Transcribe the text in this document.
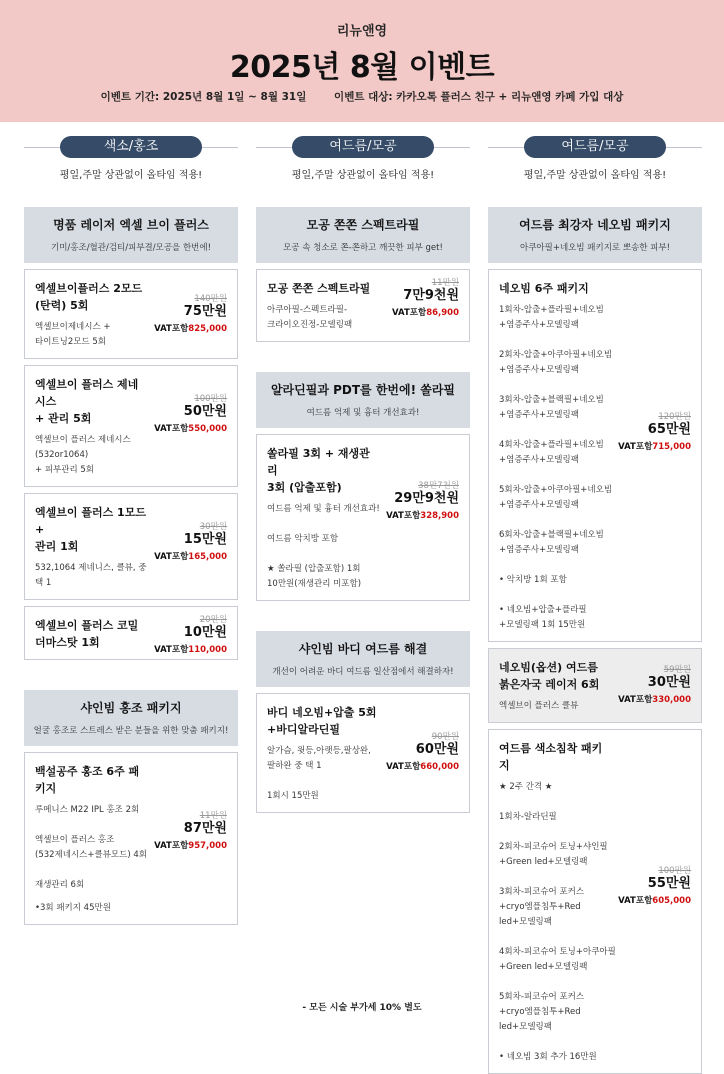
리뉴앤영
2025년 8월 이벤트
이벤트 기간: 2025년 8월 1일 ~ 8월 31일	이벤트 대상: 카카오톡 플러스 친구 + 리뉴앤영 카페 가입 대상
색소/홍조
평일,주말 상관없이 올타임 적용!
명품 레이저 엑셀 브이 플러스
기미/홍조/혈관/검티/피부결/모공을 한번에!
엑셀브이플러스 2모드
(탄력) 5회
엑셀브이제네시스 +
타이트닝2모드 5회
140만원
75만원
VAT포함825,000
엑셀브이 플러스 제네시스
+ 관리 5회
엑셀브이 플러스 제네시스
(532or1064)
+ 피부관리 5회
100만원
50만원
VAT포함550,000
엑셀브이 플러스 1모드 +
관리 1회
532,1064 제네니스, 클뷰, 중
택 1
30만원
15만원
VAT포함165,000
엑셀브이 플러스 코밀
더마스탓 1회
20만원
10만원
VAT포함110,000
샤인빔 홍조 패키지
얼굴 홍조로 스트레스 받은 분들을 위한 맞춤 패키지!
백설공주 홍조 6주 패키지
루메니스 M22 IPL 홍조 2회

엑셀브이 플러스 홍조
(532제네시스+클뷰모드) 4회

재생관리 6회
•3회 패키지 45만원
11만원
87만원
VAT포함957,000
여드름/모공
평일,주말 상관없이 올타임 적용!
모공 쫀쫀 스펙트라필
모공 속 청소로 쫀-쫀하고 깨끗한 피부 get!
모공 쫀쫀 스펙트라필
아쿠아필-스펙트라필-
크라이오진정-모델링팩
11만원
7만9천원
VAT포함86,900
알라딘필과 PDT를 한번에! 쏠라필
여드름 억제 및 흉터 개선효과!
쏠라필 3회 + 재생관리
3회 (압출포함)
여드름 억제 및 흉터 개선효과!

여드름 악치방 포함

★ 쏠라필 (압출포함) 1회
10만원(재생관리 미포함)
38만7천원
29만9천원
VAT포함328,900
샤인빔 바디 여드름 해결
개선이 어려운 바디 여드름 일산점에서 해결하자!
바디 네오빔+압출 5회
+바디알라딘필
알가슴, 윗등,아랫등,팔상완,
팔하완 중 택 1

1회시 15만원
90만원
60만원
VAT포함660,000
여드름/모공
평일,주말 상관없이 올타임 적용!
여드름 최강자 네오빔 패키지
아쿠아필+네오빔 패키지로 뽀송한 피부!
네오빔 6주 패키지
1회차-압출+플라필+네오빔
+염증주사+모델링팩

2회차-압출+아쿠아필+네오빔
+염증주사+모델링팩

3회차-압출+블랙필+네오빔
+염증주사+모델링팩

4회차-압출+플라필+네오빔
+염증주사+모델링팩

5회차-압출+아쿠아필+네오빔
+염증주사+모델링팩

6회차-압출+블랙필+네오빔
+염증주사+모델링팩

• 악치방 1회 포함

• 네오빔+압출+플라필
+모델링팩 1회 15만원
120만원
65만원
VAT포함715,000
네오빔(옵션) 여드름
붉은자국 레이저 6회
엑셀브이 플러스 클뷰
59만원
30만원
VAT포함330,000
여드름 색소침착 패키지
★ 2주 간격 ★

1회차-알라딘필

2회차-피코슈어 토닝+샤인필
+Green led+모델링팩

3회차-피코슈어 포커스
+cryo엠플침투+Red
led+모델링팩

4회차-피코슈어 토닝+아쿠아필
+Green led+모델링팩

5회차-피코슈어 포커스
+cryo엠플침투+Red
led+모델링팩

• 네오빔 3회 추가 16만원
100만원
55만원
VAT포함605,000
- 모든 시술 부가세 10% 별도
